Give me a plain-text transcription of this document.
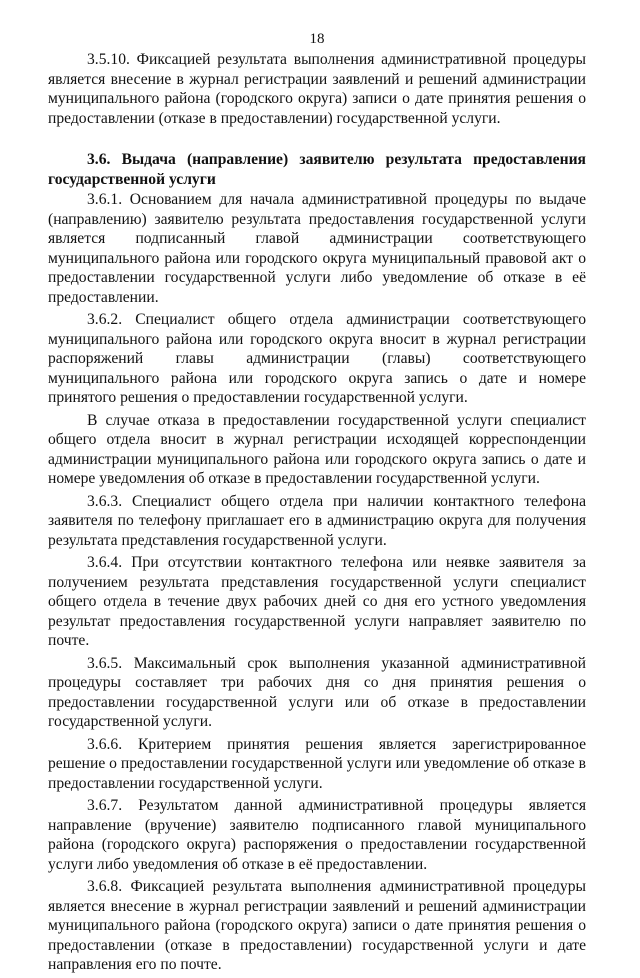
18

3.5.10. Фиксацией результата выполнения административной процедуры является внесение в журнал регистрации заявлений и решений администрации муниципального района (городского округа) записи о дате принятия решения о предоставлении (отказе в предоставлении) государственной услуги.

3.6. Выдача (направление) заявителю результата предоставления государственной услуги

3.6.1. Основанием для начала административной процедуры по выдаче (направлению) заявителю результата предоставления государственной услуги является подписанный главой администрации соответствующего муниципального района или городского округа муниципальный правовой акт о предоставлении государственной услуги либо уведомление об отказе в её предоставлении.

3.6.2. Специалист общего отдела администрации соответствующего муниципального района или городского округа вносит в журнал регистрации распоряжений главы администрации (главы) соответствующего муниципального района или городского округа запись о дате и номере принятого решения о предоставлении государственной услуги.

В случае отказа в предоставлении государственной услуги специалист общего отдела вносит в журнал регистрации исходящей корреспонденции администрации муниципального района или городского округа запись о дате и номере уведомления об отказе в предоставлении государственной услуги.

3.6.3. Специалист общего отдела при наличии контактного телефона заявителя по телефону приглашает его в администрацию округа для получения результата представления государственной услуги.

3.6.4. При отсутствии контактного телефона или неявке заявителя за получением результата представления государственной услуги специалист общего отдела в течение двух рабочих дней со дня его устного уведомления результат предоставления государственной услуги направляет заявителю по почте.

3.6.5. Максимальный срок выполнения указанной административной процедуры составляет три рабочих дня со дня принятия решения о предоставлении государственной услуги или об отказе в предоставлении государственной услуги.

3.6.6. Критерием принятия решения является зарегистрированное решение о предоставлении государственной услуги или уведомление об отказе в предоставлении государственной услуги.

3.6.7. Результатом данной административной процедуры является направление (вручение) заявителю подписанного главой муниципального района (городского округа) распоряжения о предоставлении государственной услуги либо уведомления об отказе в её предоставлении.

3.6.8. Фиксацией результата выполнения административной процедуры является внесение в журнал регистрации заявлений и решений администрации муниципального района (городского округа) записи о дате принятия решения о предоставлении (отказе в предоставлении) государственной услуги и дате направления его по почте.
